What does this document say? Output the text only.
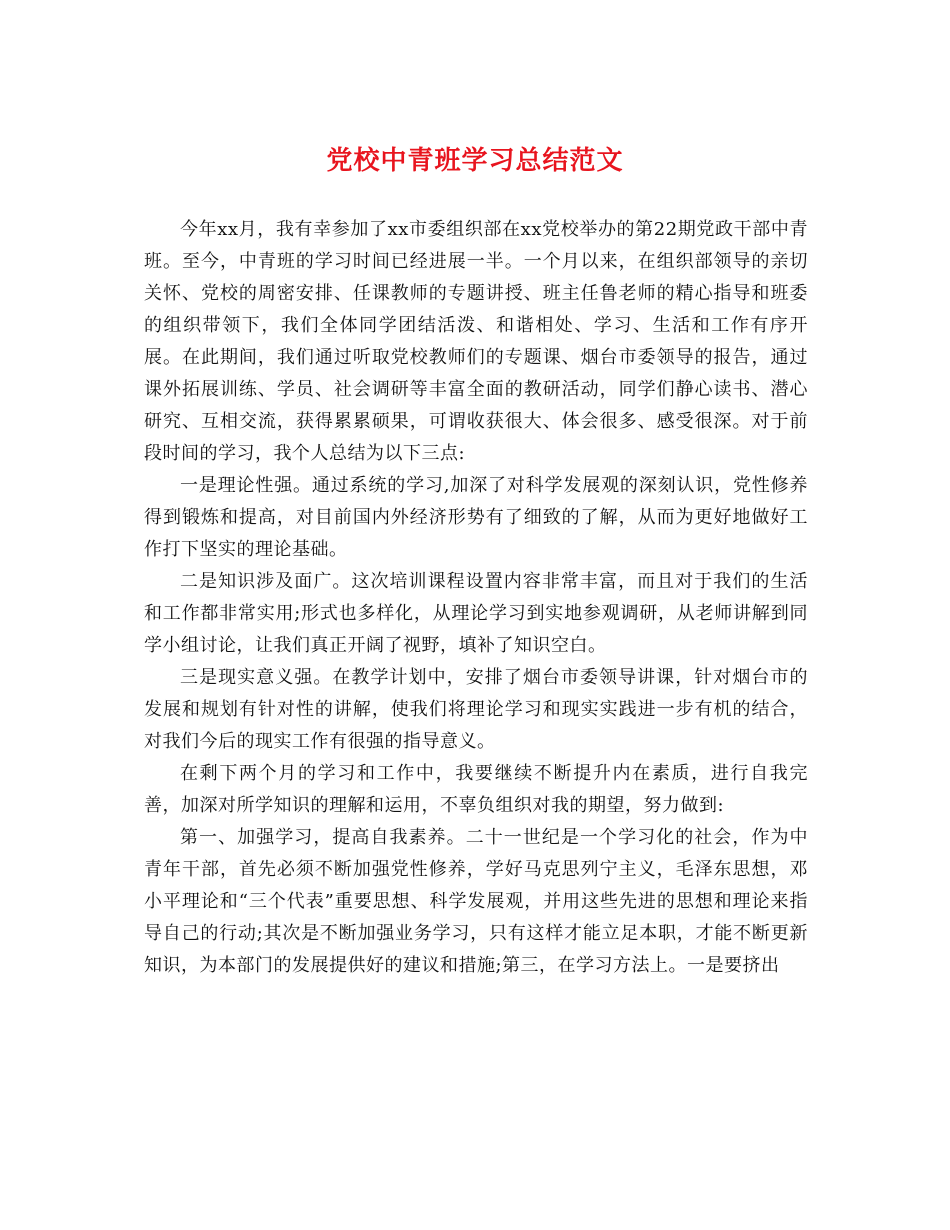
党校中青班学习总结范文

今年xx月，我有幸参加了xx市委组织部在xx党校举办的第22期党政干部中青班。至今，中青班的学习时间已经进展一半。一个月以来，在组织部领导的亲切关怀、党校的周密安排、任课教师的专题讲授、班主任鲁老师的精心指导和班委的组织带领下，我们全体同学团结活泼、和谐相处、学习、生活和工作有序开展。在此期间，我们通过听取党校教师们的专题课、烟台市委领导的报告，通过课外拓展训练、学员、社会调研等丰富全面的教研活动，同学们静心读书、潜心研究、互相交流，获得累累硕果，可谓收获很大、体会很多、感受很深。对于前段时间的学习，我个人总结为以下三点:

一是理论性强。通过系统的学习,加深了对科学发展观的深刻认识，党性修养得到锻炼和提高，对目前国内外经济形势有了细致的了解，从而为更好地做好工作打下坚实的理论基础。

二是知识涉及面广。这次培训课程设置内容非常丰富，而且对于我们的生活和工作都非常实用;形式也多样化，从理论学习到实地参观调研，从老师讲解到同学小组讨论，让我们真正开阔了视野，填补了知识空白。

三是现实意义强。在教学计划中，安排了烟台市委领导讲课，针对烟台市的发展和规划有针对性的讲解，使我们将理论学习和现实实践进一步有机的结合，对我们今后的现实工作有很强的指导意义。

在剩下两个月的学习和工作中，我要继续不断提升内在素质，进行自我完善，加深对所学知识的理解和运用，不辜负组织对我的期望，努力做到:

第一、加强学习，提高自我素养。二十一世纪是一个学习化的社会，作为中青年干部，首先必须不断加强党性修养，学好马克思列宁主义，毛泽东思想，邓小平理论和“三个代表”重要思想、科学发展观，并用这些先进的思想和理论来指导自己的行动;其次是不断加强业务学习，只有这样才能立足本职，才能不断更新知识，为本部门的发展提供好的建议和措施;第三，在学习方法上。一是要挤出
